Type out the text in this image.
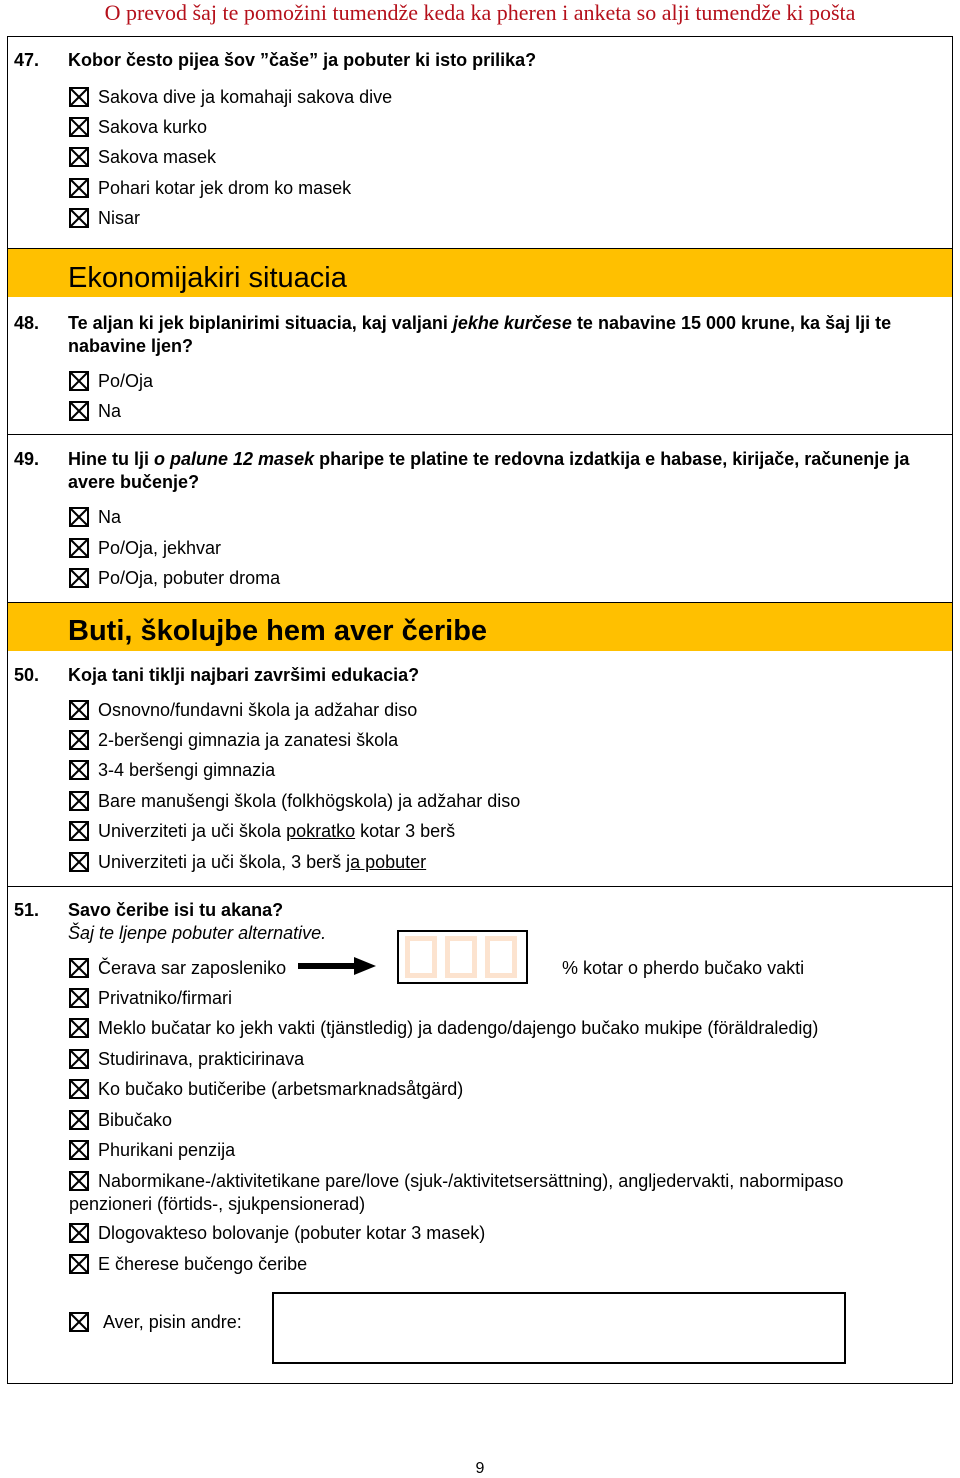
O prevod šaj te pomožini tumendže keda ka pheren i anketa so alji tumendže ki pošta
47. Kobor često pijea šov ”čaše” ja pobuter ki isto prilika?
Sakova dive ja komahaji sakova dive
Sakova kurko
Sakova masek
Pohari kotar jek drom ko masek
Nisar
Ekonomijakiri situacia
48. Te aljan ki jek biplanirimi situacia, kaj valjani jekhe kurčese te nabavine 15 000 krune, ka šaj lji te nabavine ljen?
Po/Oja
Na
49. Hine tu lji o palune 12 masek pharipe te platine te redovna izdatkija e habase, kirijače, računenje ja avere bučenje?
Na
Po/Oja, jekhvar
Po/Oja, pobuter droma
Buti, školujbe hem aver čeribe
50. Koja tani tiklji najbari završimi edukacia?
Osnovno/fundavni škola ja adžahar diso
2-beršengi gimnazia ja zanatesi škola
3-4 beršengi gimnazia
Bare manušengi škola (folkhögskola) ja adžahar diso
Univerziteti ja uči škola pokratko kotar 3 berš
Univerziteti ja uči škola, 3 berš ja pobuter
51. Savo čeribe isi tu akana?
Šaj te ljenpe pobuter alternative.
Čerava sar zaposleniko	% kotar o pherdo bučako vakti
Privatniko/firmari
Meklo bučatar ko jekh vakti (tjänstledig) ja dadengo/dajengo bučako mukipe (föräldraledig)
Studirinava, prakticirinava
Ko bučako butičeribe (arbetsmarknadsåtgärd)
Bibučako
Phurikani penzija
Nabormikane-/aktivitetikane pare/love (sjuk-/aktivitetsersättning), angljedervakti, nabormipaso
penzioneri (förtids-, sjukpensionerad)
Dlogovakteso bolovanje (pobuter kotar 3 masek)
E čherese bučengo čeribe
Aver, pisin andre:
9
